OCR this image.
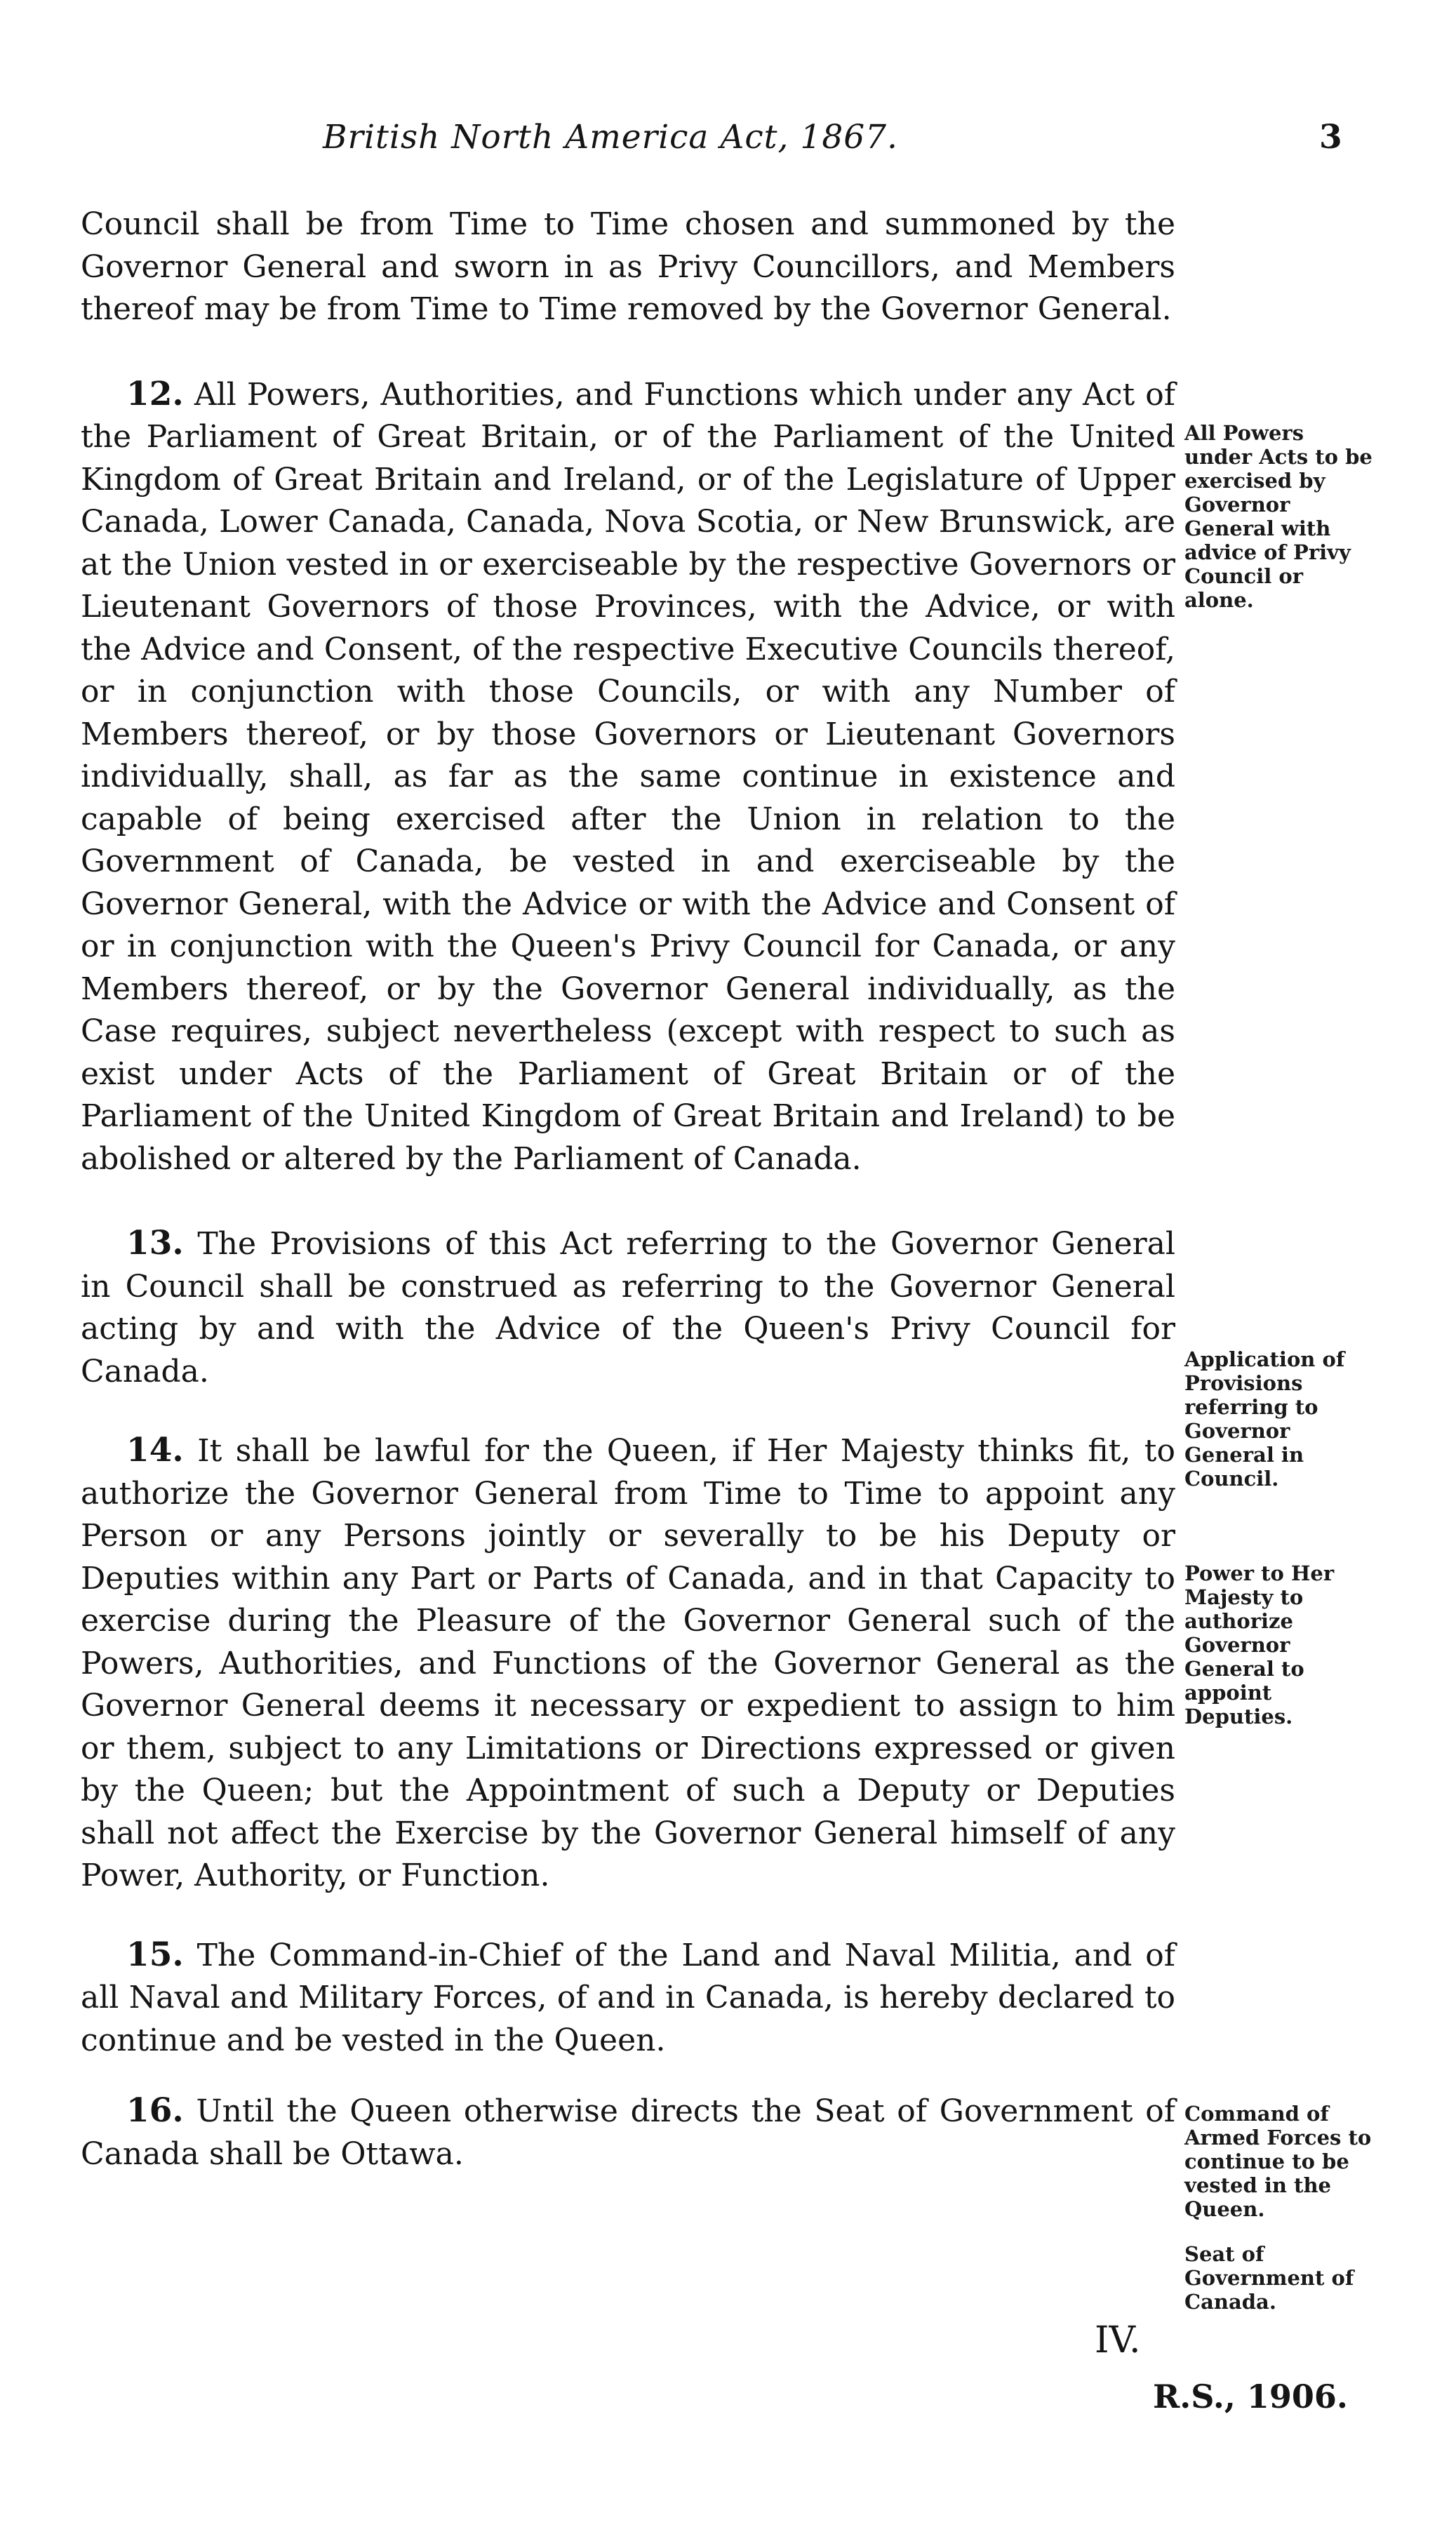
British North America Act, 1867.	3

Council shall be from Time to Time chosen and summoned by the Governor General and sworn in as Privy Councillors, and Members thereof may be from Time to Time removed by the Governor General.

12. All Powers, Authorities, and Functions which under any Act of the Parliament of Great Britain, or of the Parliament of the United Kingdom of Great Britain and Ireland, or of the Legislature of Upper Canada, Lower Canada, Canada, Nova Scotia, or New Brunswick, are at the Union vested in or exerciseable by the respective Governors or Lieutenant Governors of those Provinces, with the Advice, or with the Advice and Consent, of the respective Executive Councils thereof, or in conjunction with those Councils, or with any Number of Members thereof, or by those Governors or Lieutenant Governors individually, shall, as far as the same continue in existence and capable of being exercised after the Union in relation to the Government of Canada, be vested in and exerciseable by the Governor General, with the Advice or with the Advice and Consent of or in conjunction with the Queen's Privy Council for Canada, or any Members thereof, or by the Governor General individually, as the Case requires, subject nevertheless (except with respect to such as exist under Acts of the Parliament of Great Britain or of the Parliament of the United Kingdom of Great Britain and Ireland) to be abolished or altered by the Parliament of Canada.

13. The Provisions of this Act referring to the Governor General in Council shall be construed as referring to the Governor General acting by and with the Advice of the Queen's Privy Council for Canada.

14. It shall be lawful for the Queen, if Her Majesty thinks fit, to authorize the Governor General from Time to Time to appoint any Person or any Persons jointly or severally to be his Deputy or Deputies within any Part or Parts of Canada, and in that Capacity to exercise during the Pleasure of the Governor General such of the Powers, Authorities, and Functions of the Governor General as the Governor General deems it necessary or expedient to assign to him or them, subject to any Limitations or Directions expressed or given by the Queen; but the Appointment of such a Deputy or Deputies shall not affect the Exercise by the Governor General himself of any Power, Authority, or Function.

15. The Command-in-Chief of the Land and Naval Militia, and of all Naval and Military Forces, of and in Canada, is hereby declared to continue and be vested in the Queen.

16. Until the Queen otherwise directs the Seat of Government of Canada shall be Ottawa.

All Powers under Acts to be exercised by Governor General with advice of Privy Council or alone.
Application of Provisions referring to Governor General in Council.
Power to Her Majesty to authorize Governor General to appoint Deputies.
Command of Armed Forces to continue to be vested in the Queen.
Seat of Government of Canada.
IV.
R.S., 1906.
